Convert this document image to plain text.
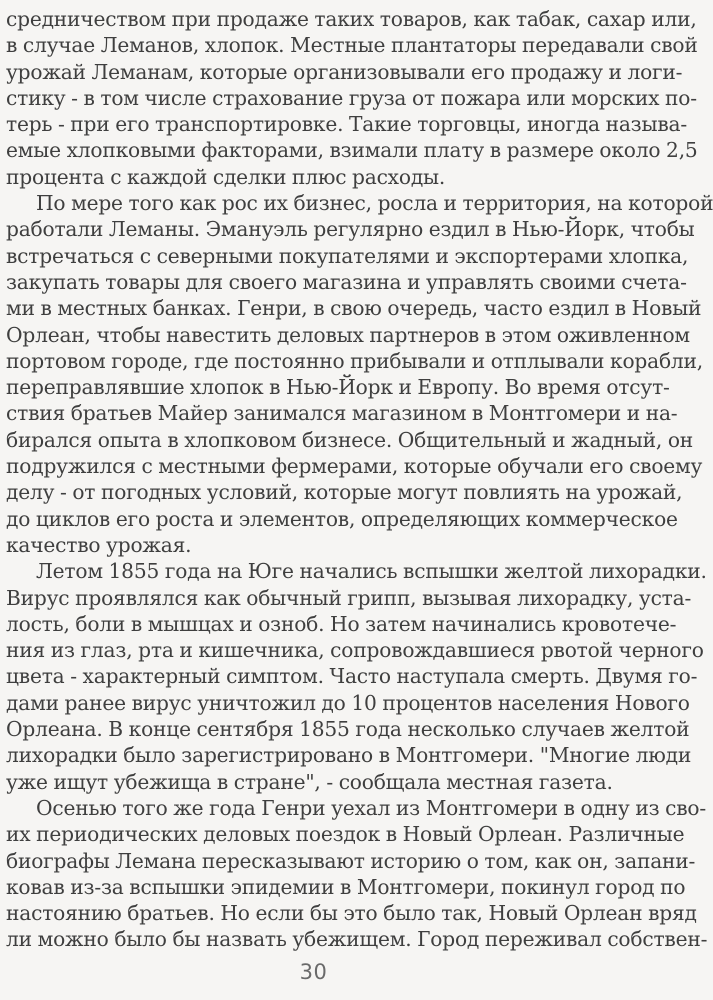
средничеством при продаже таких товаров, как табак, сахар или,
в случае Леманов, хлопок. Местные плантаторы передавали свой
урожай Леманам, которые организовывали его продажу и логи-
стику - в том числе страхование груза от пожара или морских по-
терь - при его транспортировке. Такие торговцы, иногда называ-
емые хлопковыми факторами, взимали плату в размере около 2,5
процента с каждой сделки плюс расходы.
По мере того как рос их бизнес, росла и территория, на которой
работали Леманы. Эмануэль регулярно ездил в Нью-Йорк, чтобы
встречаться с северными покупателями и экспортерами хлопка,
закупать товары для своего магазина и управлять своими счета-
ми в местных банках. Генри, в свою очередь, часто ездил в Новый
Орлеан, чтобы навестить деловых партнеров в этом оживленном
портовом городе, где постоянно прибывали и отплывали корабли,
переправлявшие хлопок в Нью-Йорк и Европу. Во время отсут-
ствия братьев Майер занимался магазином в Монтгомери и на-
бирался опыта в хлопковом бизнесе. Общительный и жадный, он
подружился с местными фермерами, которые обучали его своему
делу - от погодных условий, которые могут повлиять на урожай,
до циклов его роста и элементов, определяющих коммерческое
качество урожая.
Летом 1855 года на Юге начались вспышки желтой лихорадки.
Вирус проявлялся как обычный грипп, вызывая лихорадку, уста-
лость, боли в мышцах и озноб. Но затем начинались кровотече-
ния из глаз, рта и кишечника, сопровождавшиеся рвотой черного
цвета - характерный симптом. Часто наступала смерть. Двумя го-
дами ранее вирус уничтожил до 10 процентов населения Нового
Орлеана. В конце сентября 1855 года несколько случаев желтой
лихорадки было зарегистрировано в Монтгомери. "Многие люди
уже ищут убежища в стране", - сообщала местная газета.
Осенью того же года Генри уехал из Монтгомери в одну из сво-
их периодических деловых поездок в Новый Орлеан. Различные
биографы Лемана пересказывают историю о том, как он, запани-
ковав из-за вспышки эпидемии в Монтгомери, покинул город по
настоянию братьев. Но если бы это было так, Новый Орлеан вряд
ли можно было бы назвать убежищем. Город переживал собствен-
30
